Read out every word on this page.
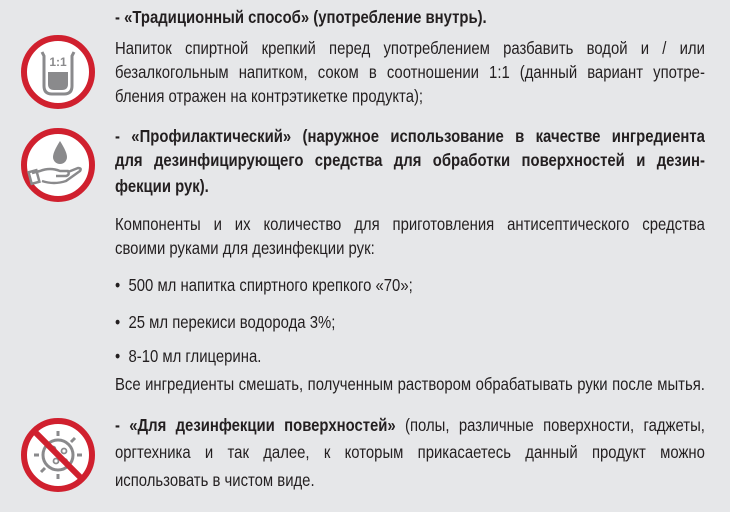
1:1
- «Традиционный способ» (употребление внутрь).
Напиток спиртной крепкий перед употреблением разбавить водой и / или
безалкогольным напитком, соком в соотношении 1:1 (данный вариант употре-
бления отражен на контрэтикетке продукта);
- «Профилактический» (наружное использование в качестве ингредиента
для дезинфицирующего средства для обработки поверхностей и дезин-
фекции рук).
Компоненты и их количество для приготовления антисептического средства
своими руками для дезинфекции рук:
• 500 мл напитка спиртного крепкого «70»;
• 25 мл перекиси водорода 3%;
• 8-10 мл глицерина.
Все ингредиенты смешать, полученным раствором обрабатывать руки после мытья.
- «Для дезинфекции поверхностей» (полы, различные поверхности, гаджеты,
оргтехника и так далее, к которым прикасаетесь данный продукт можно
использовать в чистом виде.
